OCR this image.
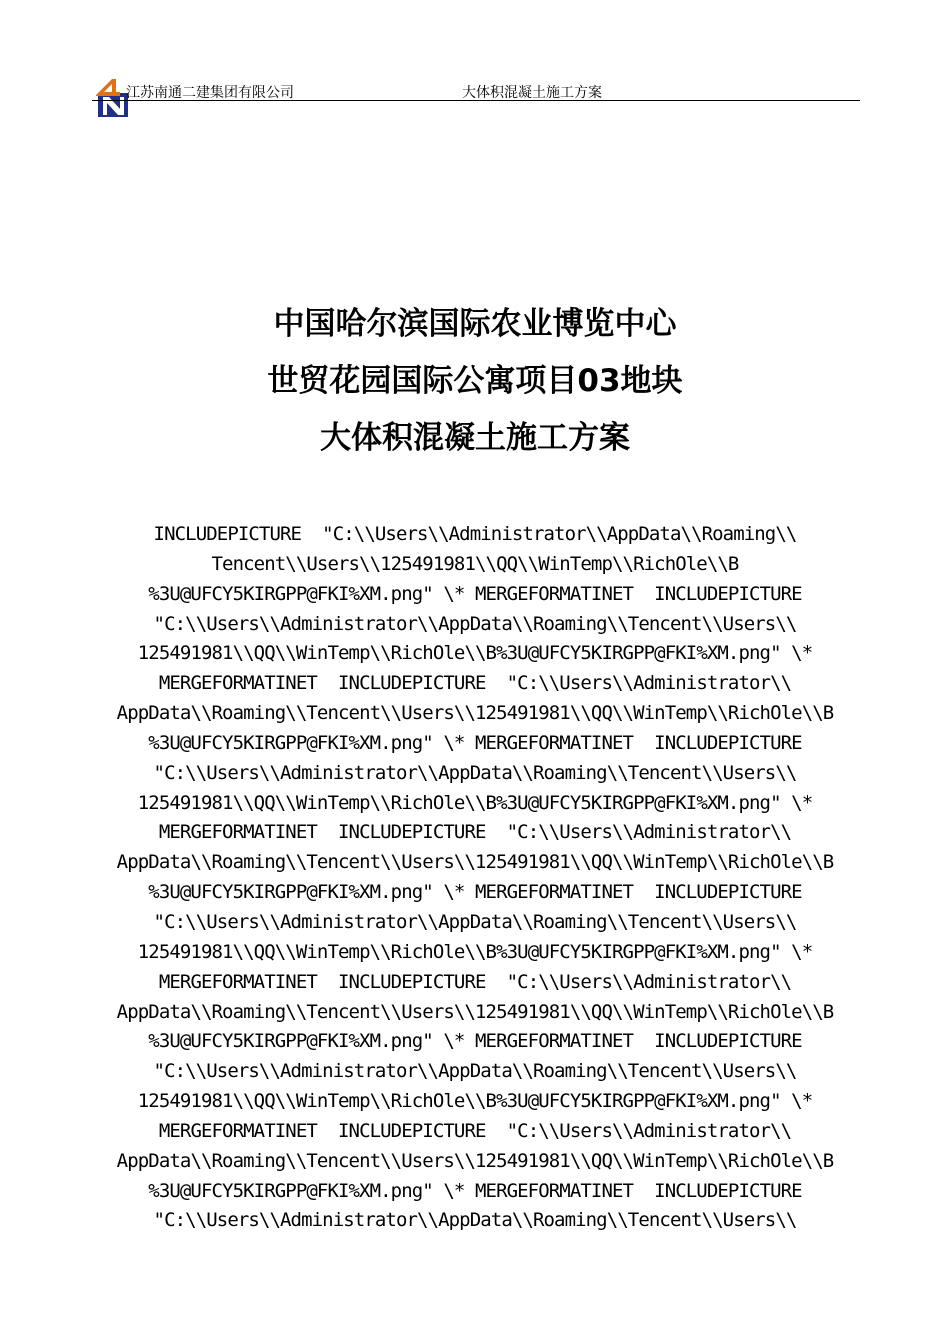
江苏南通二建集团有限公司	大体积混凝土施工方案
中国哈尔滨国际农业博览中心
世贸花园国际公寓项目03地块
大体积混凝土施工方案
INCLUDEPICTURE  "C:\\Users\\Administrator\\AppData\\Roaming\\
Tencent\\Users\\125491981\\QQ\\WinTemp\\RichOle\\B
%3U@UFCY5KIRGPP@FKI%XM.png" \* MERGEFORMATINET  INCLUDEPICTURE
"C:\\Users\\Administrator\\AppData\\Roaming\\Tencent\\Users\\
125491981\\QQ\\WinTemp\\RichOle\\B%3U@UFCY5KIRGPP@FKI%XM.png" \*
MERGEFORMATINET  INCLUDEPICTURE  "C:\\Users\\Administrator\\
AppData\\Roaming\\Tencent\\Users\\125491981\\QQ\\WinTemp\\RichOle\\B
%3U@UFCY5KIRGPP@FKI%XM.png" \* MERGEFORMATINET  INCLUDEPICTURE
"C:\\Users\\Administrator\\AppData\\Roaming\\Tencent\\Users\\
125491981\\QQ\\WinTemp\\RichOle\\B%3U@UFCY5KIRGPP@FKI%XM.png" \*
MERGEFORMATINET  INCLUDEPICTURE  "C:\\Users\\Administrator\\
AppData\\Roaming\\Tencent\\Users\\125491981\\QQ\\WinTemp\\RichOle\\B
%3U@UFCY5KIRGPP@FKI%XM.png" \* MERGEFORMATINET  INCLUDEPICTURE
"C:\\Users\\Administrator\\AppData\\Roaming\\Tencent\\Users\\
125491981\\QQ\\WinTemp\\RichOle\\B%3U@UFCY5KIRGPP@FKI%XM.png" \*
MERGEFORMATINET  INCLUDEPICTURE  "C:\\Users\\Administrator\\
AppData\\Roaming\\Tencent\\Users\\125491981\\QQ\\WinTemp\\RichOle\\B
%3U@UFCY5KIRGPP@FKI%XM.png" \* MERGEFORMATINET  INCLUDEPICTURE
"C:\\Users\\Administrator\\AppData\\Roaming\\Tencent\\Users\\
125491981\\QQ\\WinTemp\\RichOle\\B%3U@UFCY5KIRGPP@FKI%XM.png" \*
MERGEFORMATINET  INCLUDEPICTURE  "C:\\Users\\Administrator\\
AppData\\Roaming\\Tencent\\Users\\125491981\\QQ\\WinTemp\\RichOle\\B
%3U@UFCY5KIRGPP@FKI%XM.png" \* MERGEFORMATINET  INCLUDEPICTURE
"C:\\Users\\Administrator\\AppData\\Roaming\\Tencent\\Users\\
